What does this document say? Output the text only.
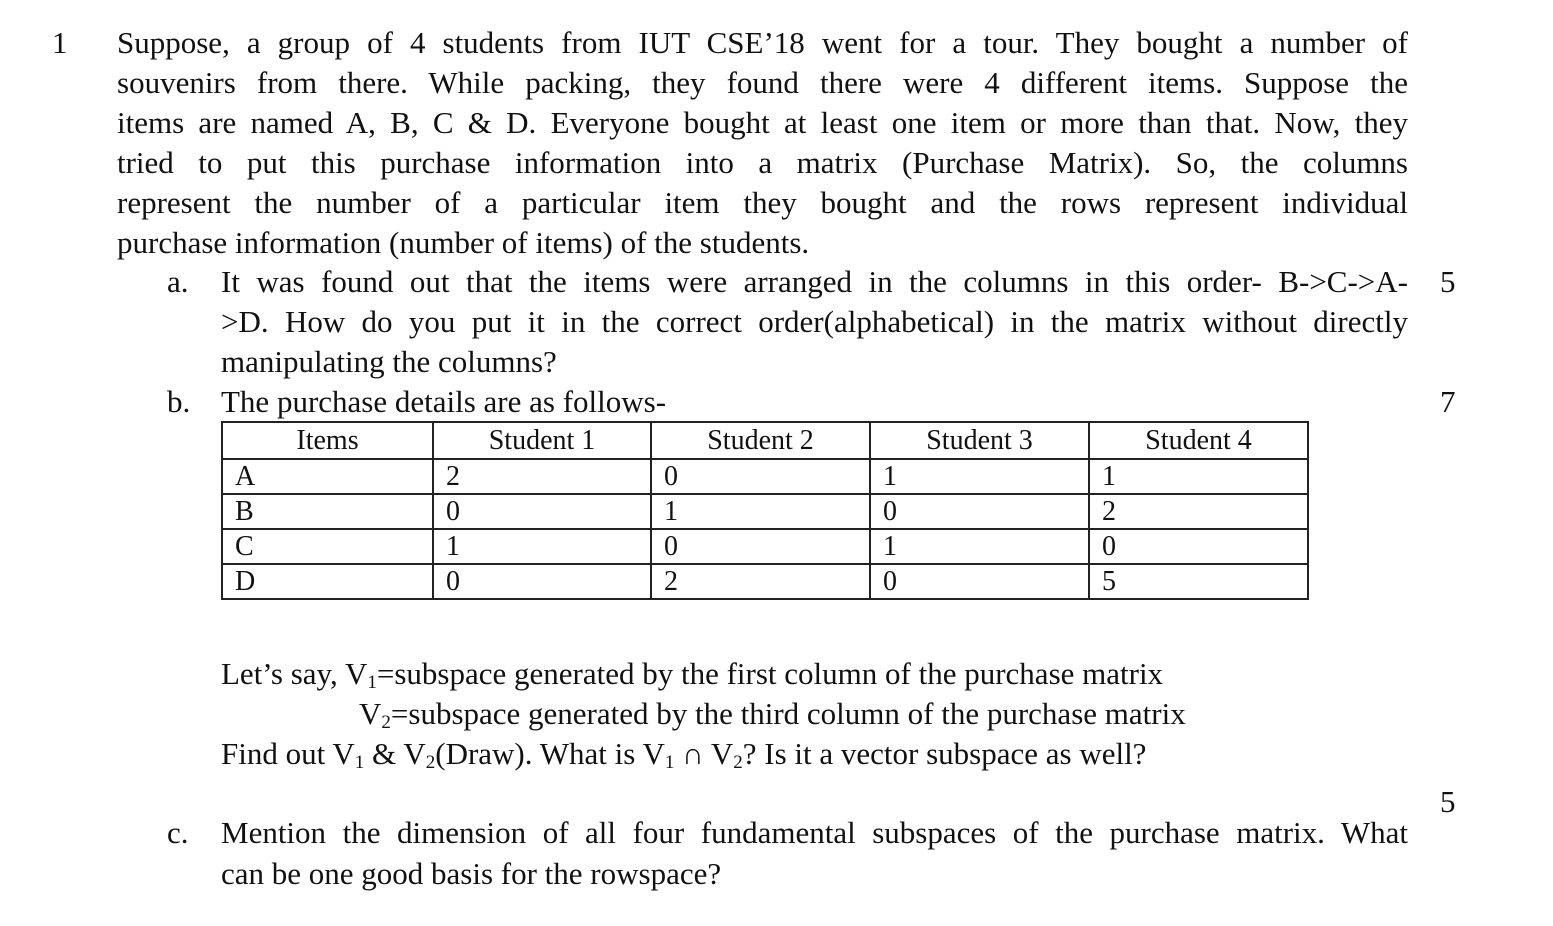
1 Suppose, a group of 4 students from IUT CSE’18 went for a tour. They bought a number of
souvenirs from there. While packing, they found there were 4 different items. Suppose the
items are named A, B, C & D. Everyone bought at least one item or more than that. Now, they
tried to put this purchase information into a matrix (Purchase Matrix). So, the columns
represent the number of a particular item they bought and the rows represent individual
purchase information (number of items) of the students.
a. It was found out that the items were arranged in the columns in this order- B->C->A-
>D. How do you put it in the correct order(alphabetical) in the matrix without directly
manipulating the columns?
5
b. The purchase details are as follows-	7
Items	Student 1	Student 2	Student 3	Student 4
A	2	0	1	1
B	0	1	0	2
C	1	0	1	0
D	0	2	0	5
Let’s say, $V_1=subspace$ generated by the first column of the purchase matrix
$V_2=subspace$ generated by the third column of the purchase matrix
Find out $V_1$ & $V_2(Draw)$. What is $V_1$ ∩ $V_2$? Is it a vector subspace as well?
5
c. Mention the dimension of all four fundamental subspaces of the purchase matrix. What
can be one good basis for the rowspace?
